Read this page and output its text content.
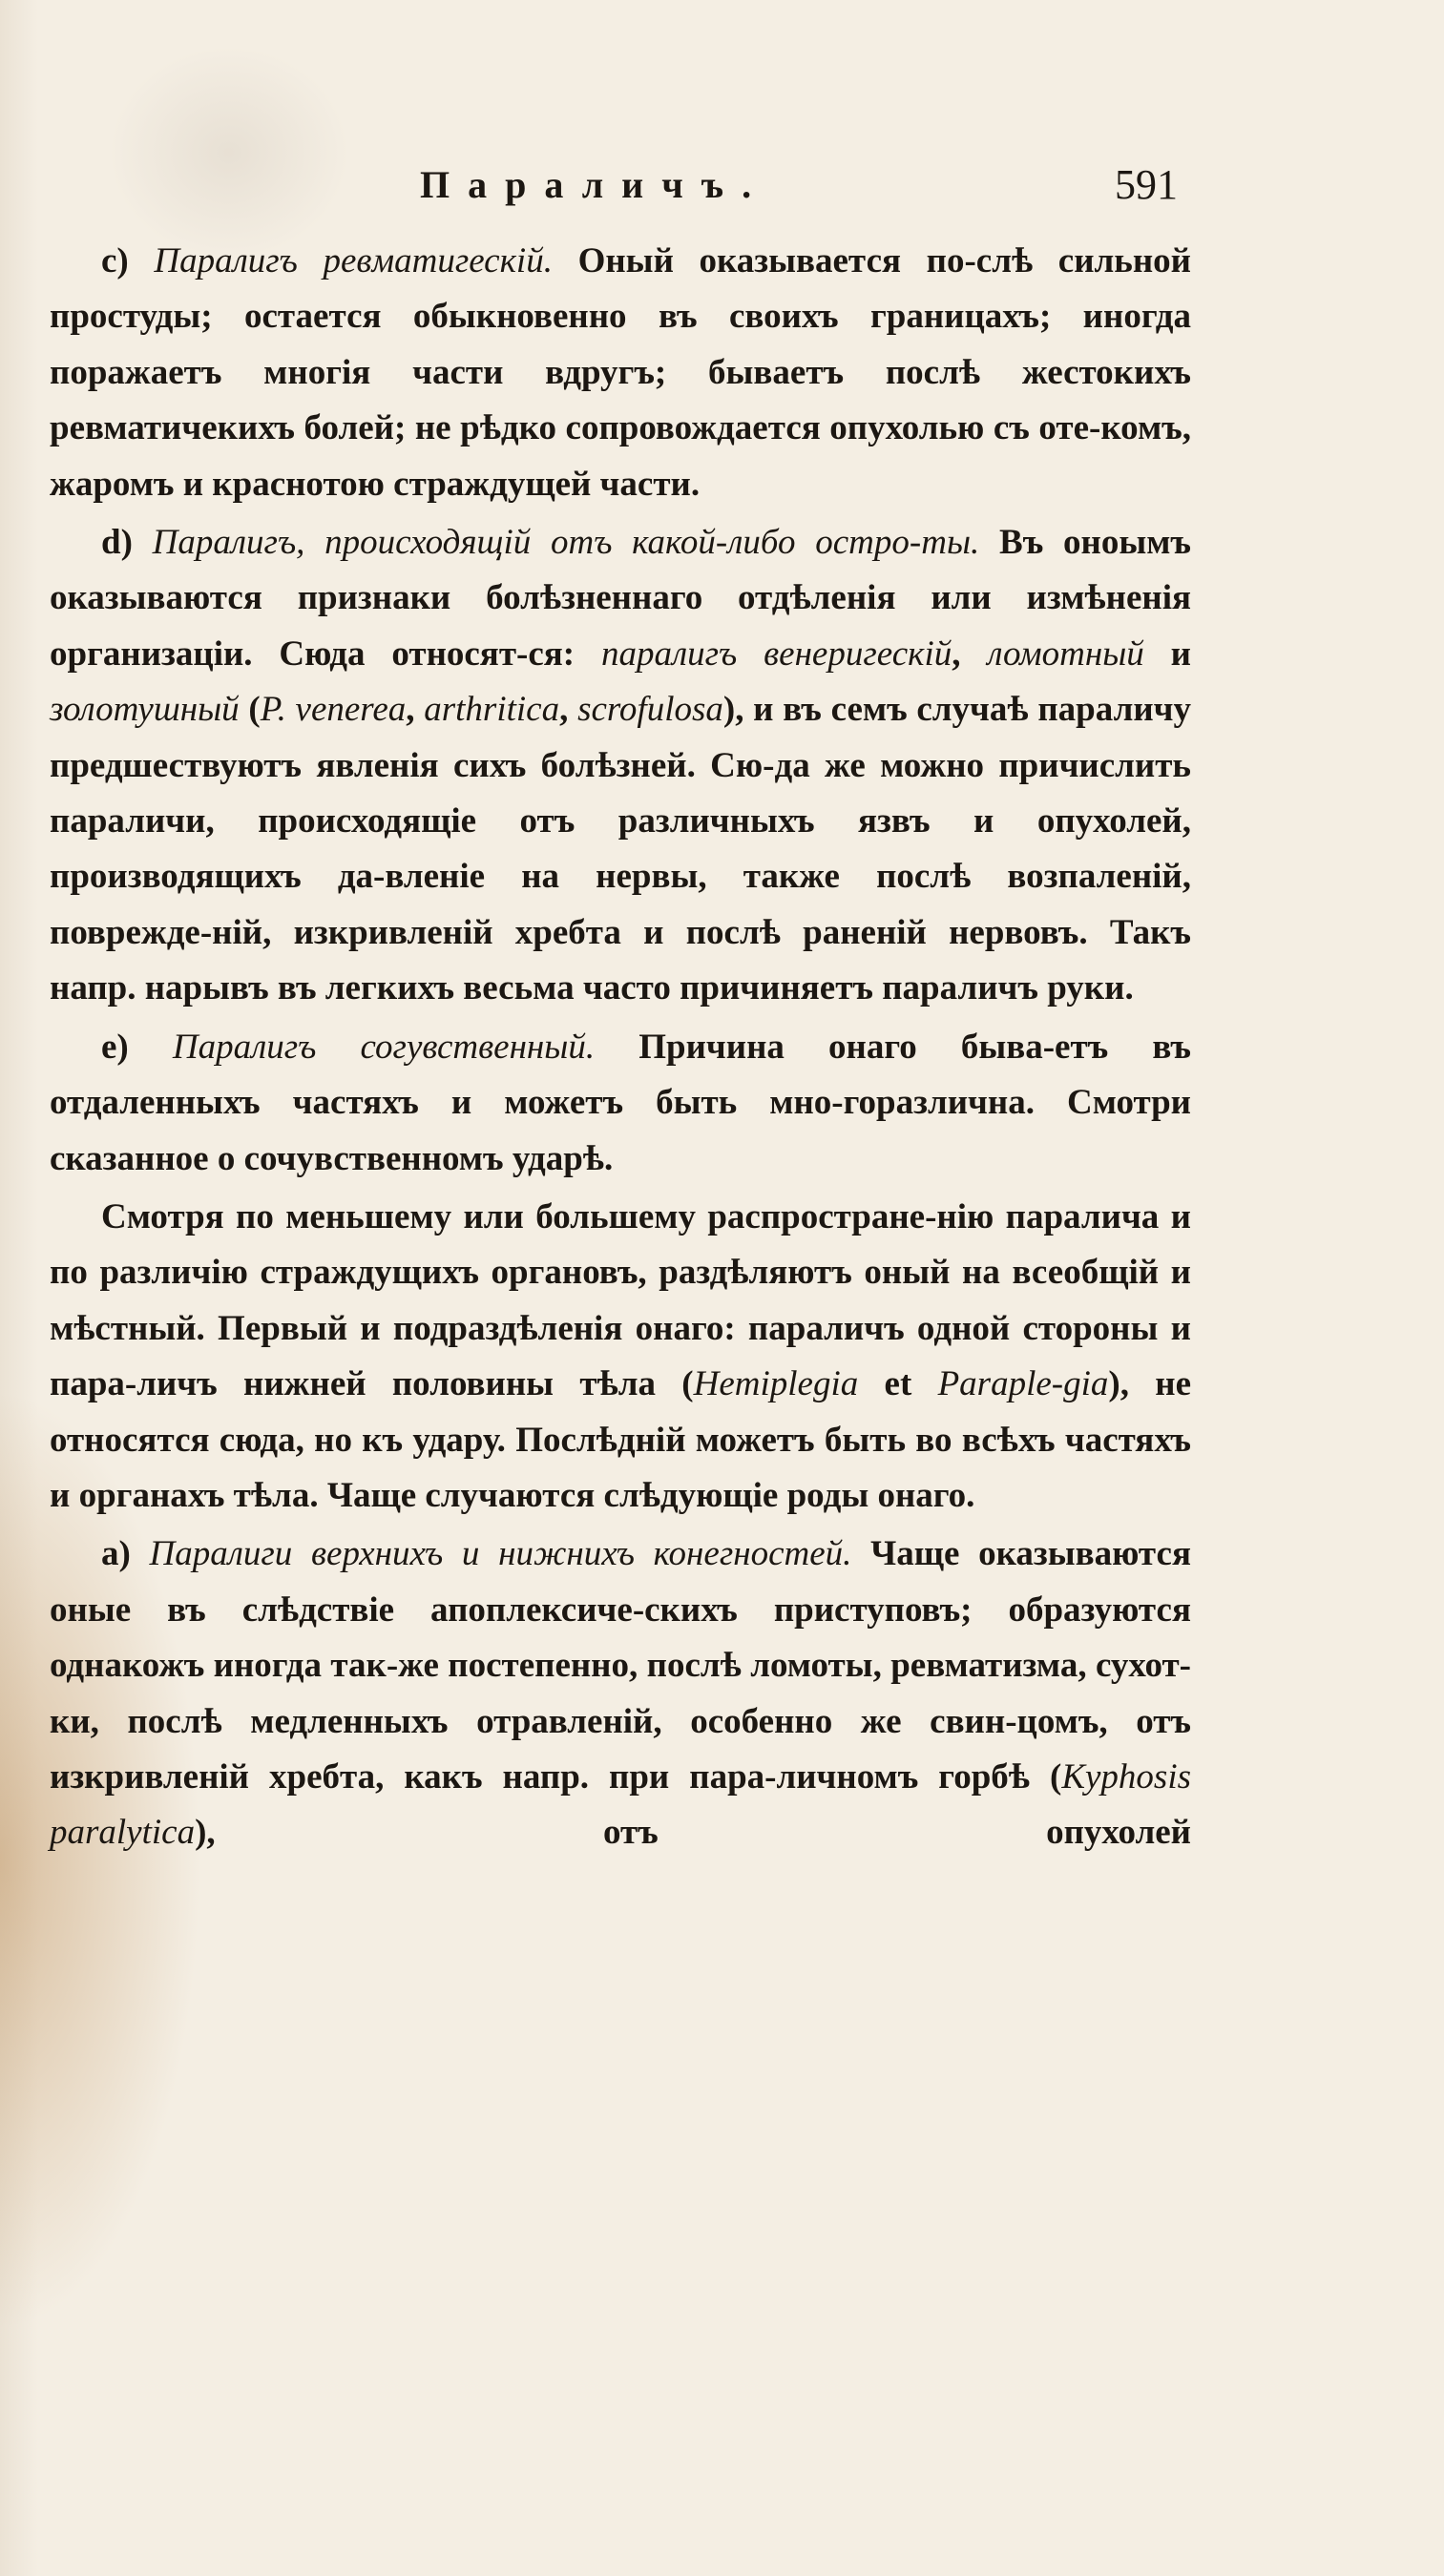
Параличъ.	591

c) Паралигъ ревматигескій. Оный оказывается по-слѣ сильной простуды; остается обыкновенно въ своихъ границахъ; иногда поражаетъ многія части вдругъ; бываетъ послѣ жестокихъ ревматичекихъ болей; не рѣдко сопровождается опухолью съ оте-комъ, жаромъ и краснотою страждущей части.

d) Паралигъ, происходящій отъ какой-либо остро-ты. Въ оноымъ оказываются признаки болѣзненнаго отдѣленія или измѣненія организаціи. Сюда относят-ся: паралигъ венеригескій, ломотный и золотушный (P. venerea, arthritica, scrofulosa), и въ семъ случаѣ параличу предшествуютъ явленія сихъ болѣзней. Сю-да же можно причислить параличи, происходящіе отъ различныхъ язвъ и опухолей, производящихъ да-вленіе на нервы, также послѣ возпаленій, поврежде-ній, изкривленій хребта и послѣ раненій нервовъ. Такъ напр. нарывъ въ легкихъ весьма часто причиняетъ параличъ руки.

e) Паралигъ согувственный. Причина онаго быва-етъ въ отдаленныхъ частяхъ и можетъ быть мно-горазлична. Смотри сказанное о сочувственномъ ударѣ.

Смотря по меньшему или большему распростране-нію паралича и по различію страждущихъ органовъ, раздѣляютъ оный на всеобщій и мѣстный. Первый и подраздѣленія онаго: параличъ одной стороны и пара-личъ нижней половины тѣла (Hemiplegia et Paraple-gia), не относятся сюда, но къ удару. Послѣдній можетъ быть во всѣхъ частяхъ и органахъ тѣла. Чаще случаются слѣдующіе роды онаго.

a) Паралиги верхнихъ и нижнихъ конегностей. Чаще оказываются оные въ слѣдствіе апоплексиче-скихъ приступовъ; образуются однакожъ иногда так-же постепенно, послѣ ломоты, ревматизма, сухот-ки, послѣ медленныхъ отравленій, особенно же свин-цомъ, отъ изкривленій хребта, какъ напр. при пара-личномъ горбѣ (Kyphosis paralytica), отъ опухолей
